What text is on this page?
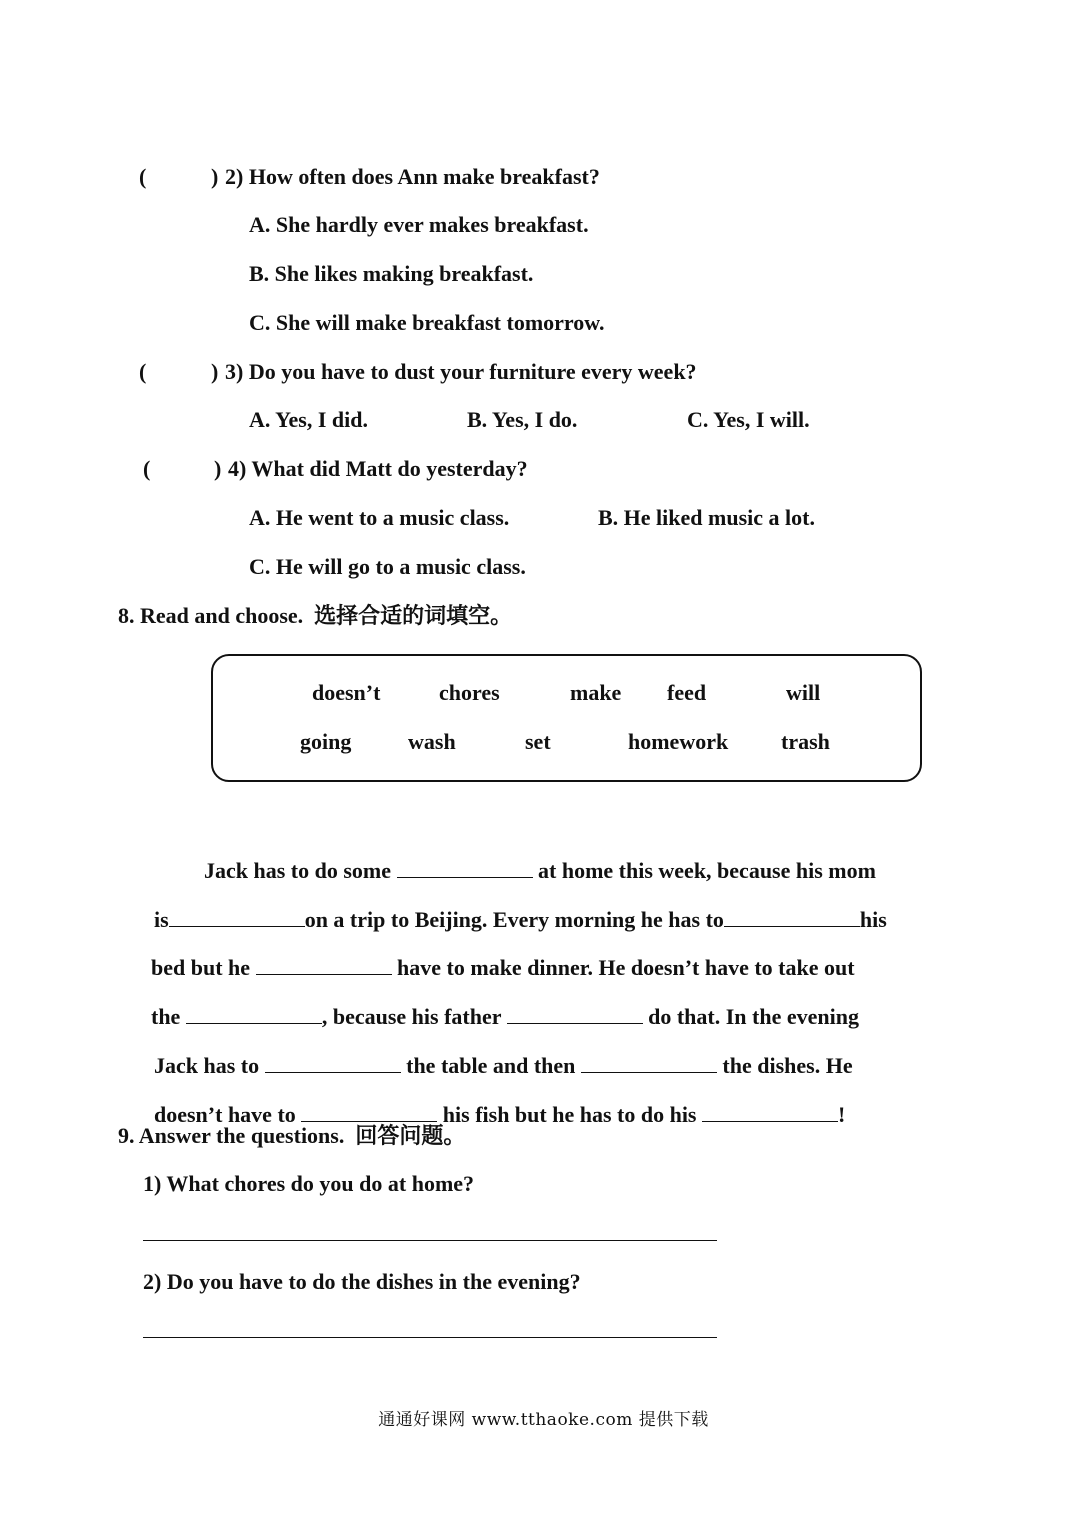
(	) 2) How often does Ann make breakfast?
A. She hardly ever makes breakfast.
B. She likes making breakfast.
C. She will make breakfast tomorrow.
(	) 3) Do you have to dust your furniture every week?
A. Yes, I did.	B. Yes, I do.	C. Yes, I will.
(	) 4) What did Matt do yesterday?
A. He went to a music class.	B. He liked music a lot.
C. He will go to a music class.
8. Read and choose.  选择合适的词填空。
doesn’t	chores	make feed	will
going	wash	set	homework trash

Jack has to do some	at home this week, because his mom

is	on a trip to Beijing. Every morning he has to	his

bed but he	have to make dinner. He doesn’t have to take out

the	, because his father	do that. In the evening

Jack has to	the table and then	the dishes. He

doesn’t have to	his fish but he has to do his	!

9. Answer the questions.  回答问题。
1) What chores do you do at home?
2) Do you have to do the dishes in the evening?
通通好课网 www.tthaoke.com 提供下载
